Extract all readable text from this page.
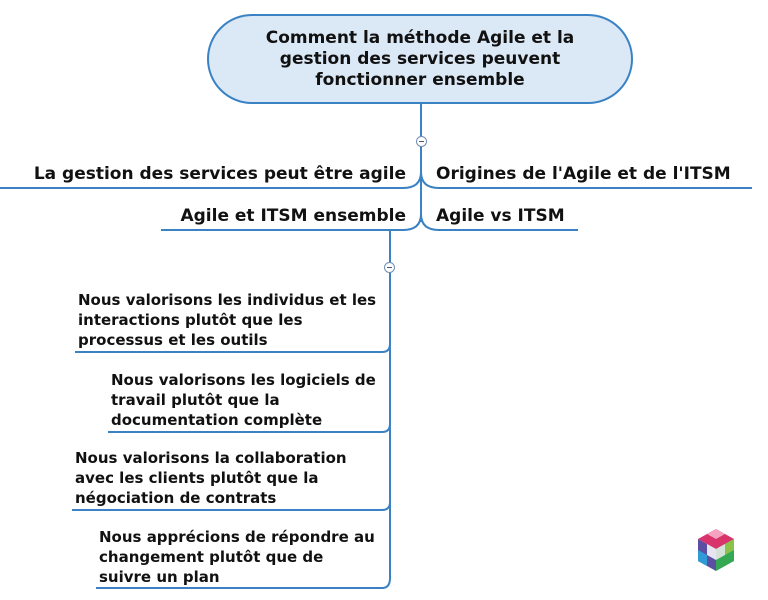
Comment la méthode Agile et la gestion des services peuvent fonctionner ensemble
La gestion des services peut être agile Origines de l'Agile et de l'ITSM
Agile et ITSM ensemble Agile vs ITSM
Nous valorisons les individus et les interactions plutôt que les processus et les outils
Nous valorisons les logiciels de travail plutôt que la documentation complète
Nous valorisons la collaboration avec les clients plutôt que la négociation de contrats
Nous apprécions de répondre au changement plutôt que de suivre un plan
